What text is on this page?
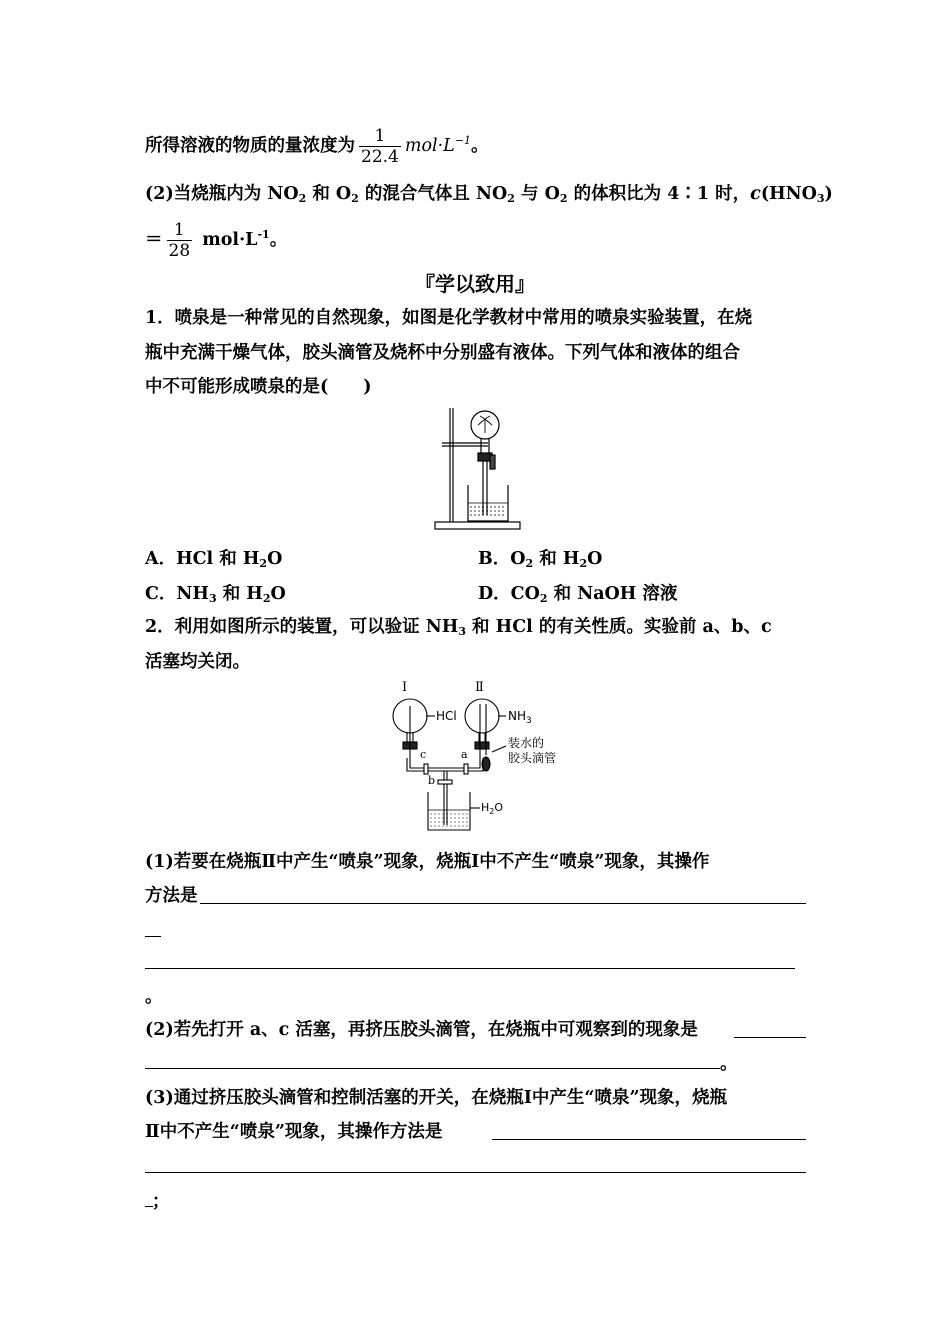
所得溶液的物质的量浓度为 $\frac{1}{22.4} mol\cdot L^{-1}$。
(2)当烧瓶内为 $NO_2$ 和 $O_2$ 的混合气体且 $NO_2$ 与 $O_2$ 的体积比为 4∶1 时，$c(HNO_3)$
＝ $\frac{1}{28} mol\cdot L^{-1}$。
『学以致用』
1．喷泉是一种常见的自然现象，如图是化学教材中常用的喷泉实验装置，在烧
瓶中充满干燥气体，胶头滴管及烧杯中分别盛有液体。下列气体和液体的组合
中不可能形成喷泉的是(　　)
A．HCl 和 $H_2O$	B．$O_2$ 和 $H_2O$
C．$NH_3$ 和 $H_2O$	D．$CO_2$ 和 NaOH 溶液
2．利用如图所示的装置，可以验证 $NH_3$ 和 HCl 的有关性质。实验前 a、b、c
活塞均关闭。
Ⅰ	Ⅱ
HCl	$NH_3$
c	a
b
装水的
胶头滴管
$H_2O$
(1)若要在烧瓶Ⅱ中产生“喷泉”现象，烧瓶Ⅰ中不产生“喷泉”现象，其操作
方法是
。
(2)若先打开 a、c 活塞，再挤压胶头滴管，在烧瓶中可观察到的现象是
。
(3)通过挤压胶头滴管和控制活塞的开关，在烧瓶Ⅰ中产生“喷泉”现象，烧瓶
Ⅱ中不产生“喷泉”现象，其操作方法是
；
